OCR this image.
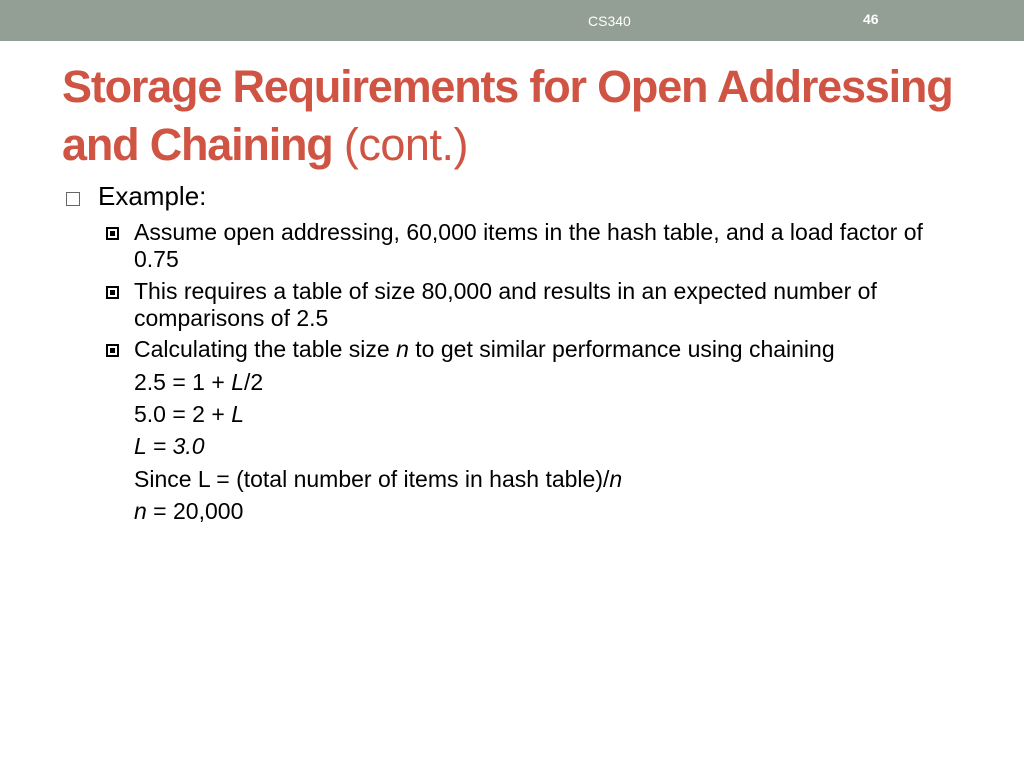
CS340	46
Storage Requirements for Open Addressing and Chaining (cont.)
Example:
Assume open addressing, 60,000 items in the hash table, and a load factor of 0.75
This requires a table of size 80,000 and results in an expected number of comparisons of 2.5
Calculating the table size n to get similar performance using chaining
2.5 = 1 + L/2
5.0 = 2 + L
L = 3.0
Since L = (total number of items in hash table)/n
n = 20,000
